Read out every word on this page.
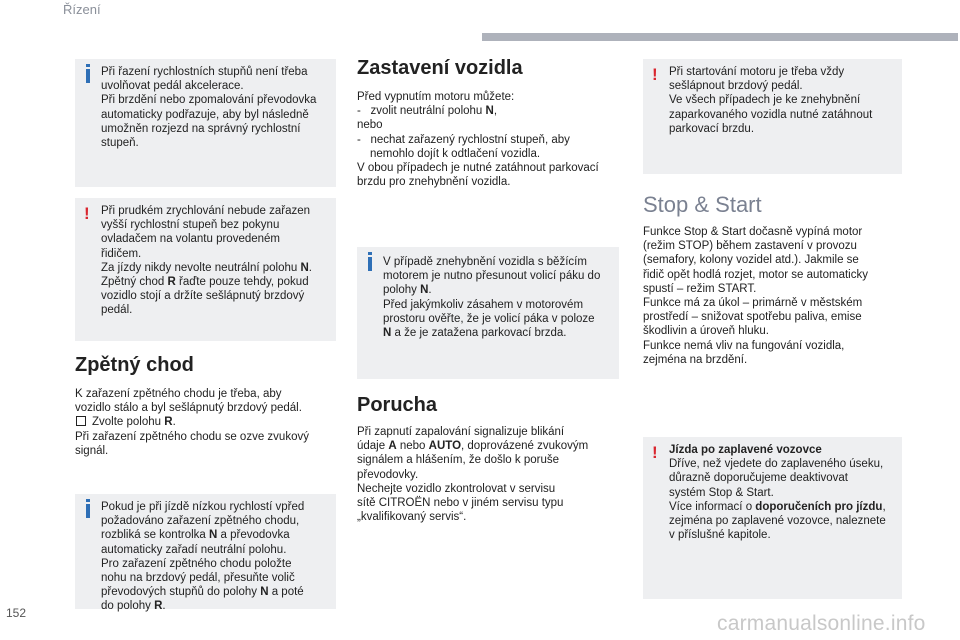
Řízení
Při řazení rychlostních stupňů není třeba
uvolňovat pedál akcelerace.
Při brzdění nebo zpomalování převodovka
automaticky podřazuje, aby byl následně
umožněn rozjezd na správný rychlostní
stupeň.
! Při prudkém zrychlování nebude zařazen
vyšší rychlostní stupeň bez pokynu
ovladačem na volantu provedeném
řidičem.
Za jízdy nikdy nevolte neutrální polohu N.
Zpětný chod R řaďte pouze tehdy, pokud
vozidlo stojí a držíte sešlápnutý brzdový
pedál.
Zpětný chod
K zařazení zpětného chodu je třeba, aby
vozidlo stálo a byl sešlápnutý brzdový pedál.
Zvolte polohu R.
Při zařazení zpětného chodu se ozve zvukový
signál.
Pokud je při jízdě nízkou rychlostí vpřed
požadováno zařazení zpětného chodu,
rozbliká se kontrolka N a převodovka
automaticky zařadí neutrální polohu.
Pro zařazení zpětného chodu položte
nohu na brzdový pedál, přesuňte volič
převodových stupňů do polohy N a poté
do polohy R.
Zastavení vozidla
Před vypnutím motoru můžete:
- zvolit neutrální polohu N,
nebo
- nechat zařazený rychlostní stupeň, aby
nemohlo dojít k odtlačení vozidla.
V obou případech je nutné zatáhnout parkovací
brzdu pro znehybnění vozidla.
V případě znehybnění vozidla s běžícím
motorem je nutno přesunout volicí páku do
polohy N.
Před jakýmkoliv zásahem v motorovém
prostoru ověřte, že je volicí páka v poloze
N a že je zatažena parkovací brzda.
Porucha
Při zapnutí zapalování signalizuje blikání
údaje A nebo AUTO, doprovázené zvukovým
signálem a hlášením, že došlo k poruše
převodovky.
Nechejte vozidlo zkontrolovat v servisu
sítě CITROËN nebo v jiném servisu typu
„kvalifikovaný servis“.
! Při startování motoru je třeba vždy
sešlápnout brzdový pedál.
Ve všech případech je ke znehybnění
zaparkovaného vozidla nutné zatáhnout
parkovací brzdu.
Stop & Start
Funkce Stop & Start dočasně vypíná motor
(režim STOP) během zastavení v provozu
(semafory, kolony vozidel atd.). Jakmile se
řidič opět hodlá rozjet, motor se automaticky
spustí – režim START.
Funkce má za úkol – primárně v městském
prostředí – snižovat spotřebu paliva, emise
škodlivin a úroveň hluku.
Funkce nemá vliv na fungování vozidla,
zejména na brzdění.
! Jízda po zaplavené vozovce
Dříve, než vjedete do zaplaveného úseku,
důrazně doporučujeme deaktivovat
systém Stop & Start.
Více informací o doporučeních pro jízdu,
zejména po zaplavené vozovce, naleznete
v příslušné kapitole.
152	carmanualsonline.info
